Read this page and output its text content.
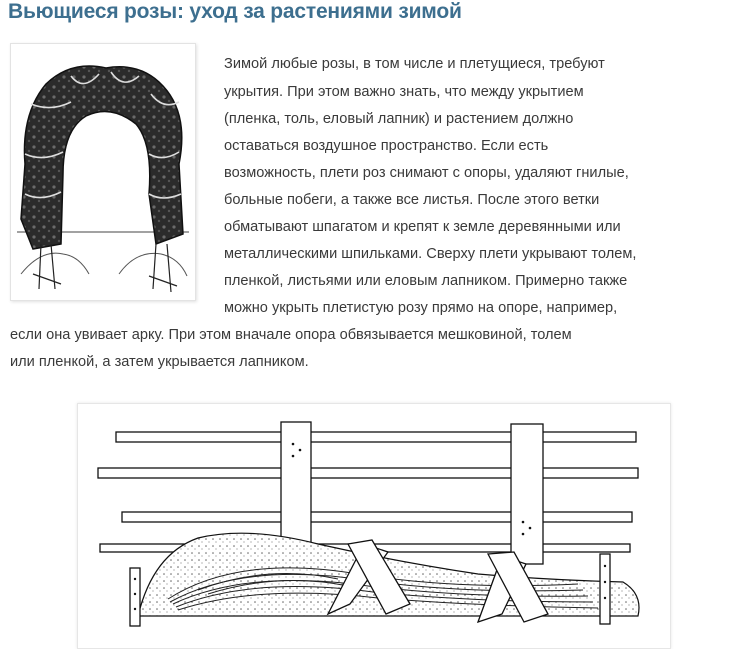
Вьющиеся розы: уход за растениями зимой
Зимой любые розы, в том числе и плетущиеся, требуют
укрытия. При этом важно знать, что между укрытием
(пленка, толь, еловый лапник) и растением должно
оставаться воздушное пространство. Если есть
возможность, плети роз снимают с опоры, удаляют гнилые,
больные побеги, а также все листья. После этого ветки
обматывают шпагатом и крепят к земле деревянными или
металлическими шпильками. Сверху плети укрывают толем,
пленкой, листьями или еловым лапником. Примерно также
можно укрыть плетистую розу прямо на опоре, например,
если она увивает арку. При этом вначале опора обвязывается мешковиной, толем
или пленкой, а затем укрывается лапником.
